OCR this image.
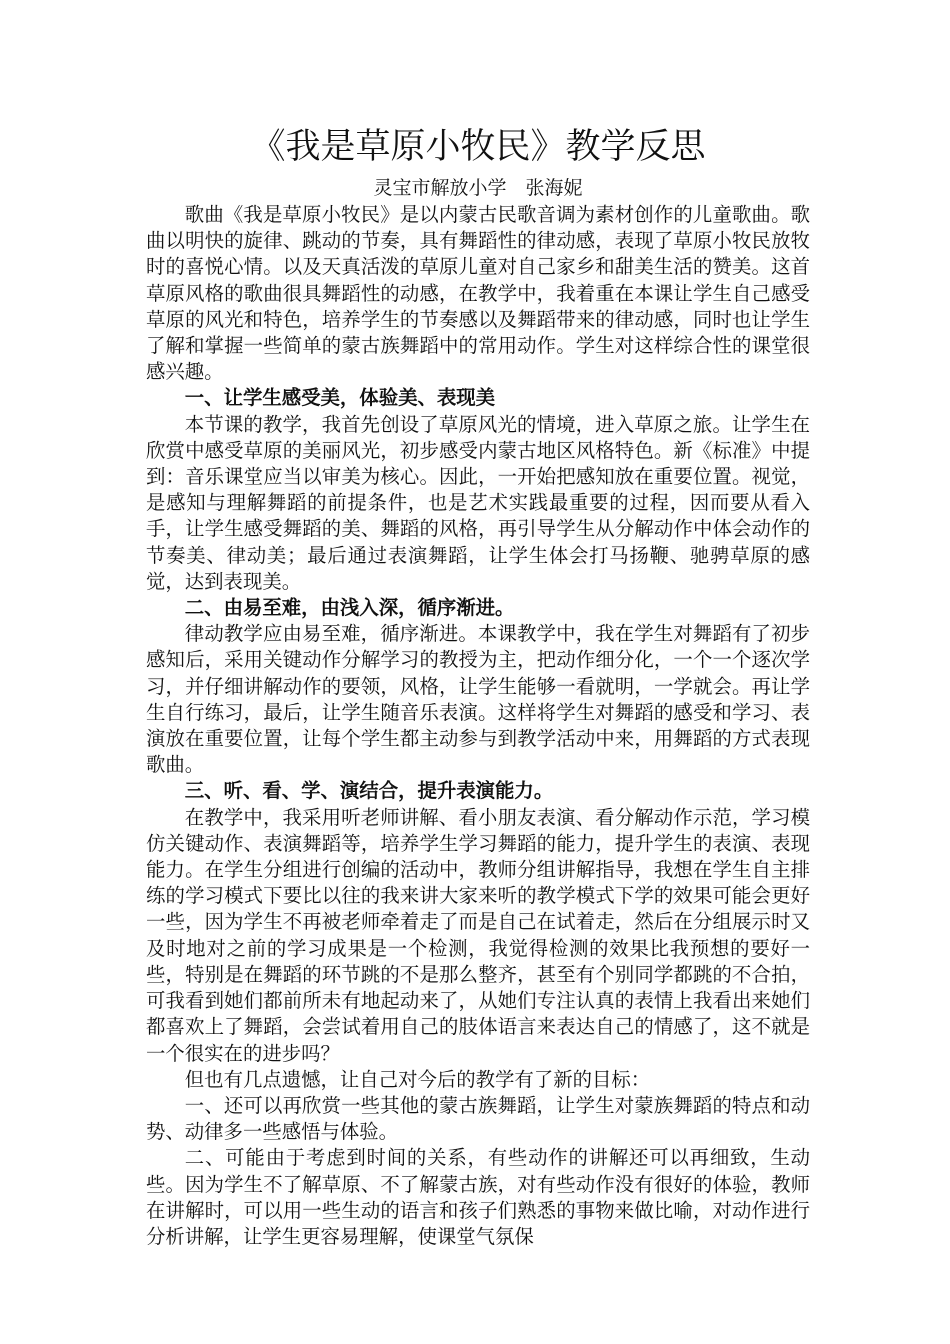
《我是草原小牧民》教学反思

灵宝市解放小学　张海妮

歌曲《我是草原小牧民》是以内蒙古民歌音调为素材创作的儿童歌曲。歌曲以明快的旋律、跳动的节奏，具有舞蹈性的律动感，表现了草原小牧民放牧时的喜悦心情。以及天真活泼的草原儿童对自己家乡和甜美生活的赞美。这首草原风格的歌曲很具舞蹈性的动感，在教学中，我着重在本课让学生自己感受草原的风光和特色，培养学生的节奏感以及舞蹈带来的律动感，同时也让学生了解和掌握一些简单的蒙古族舞蹈中的常用动作。学生对这样综合性的课堂很感兴趣。

一、让学生感受美，体验美、表现美

本节课的教学，我首先创设了草原风光的情境，进入草原之旅。让学生在欣赏中感受草原的美丽风光，初步感受内蒙古地区风格特色。新《标准》中提到：音乐课堂应当以审美为核心。因此，一开始把感知放在重要位置。视觉，是感知与理解舞蹈的前提条件，也是艺术实践最重要的过程，因而要从看入手，让学生感受舞蹈的美、舞蹈的风格，再引导学生从分解动作中体会动作的节奏美、律动美；最后通过表演舞蹈，让学生体会打马扬鞭、驰骋草原的感觉，达到表现美。

二、由易至难，由浅入深，循序渐进。

律动教学应由易至难，循序渐进。本课教学中，我在学生对舞蹈有了初步感知后，采用关键动作分解学习的教授为主，把动作细分化，一个一个逐次学习，并仔细讲解动作的要领，风格，让学生能够一看就明，一学就会。再让学生自行练习，最后，让学生随音乐表演。这样将学生对舞蹈的感受和学习、表演放在重要位置，让每个学生都主动参与到教学活动中来，用舞蹈的方式表现歌曲。

三、听、看、学、演结合，提升表演能力。

在教学中，我采用听老师讲解、看小朋友表演、看分解动作示范，学习模仿关键动作、表演舞蹈等，培养学生学习舞蹈的能力，提升学生的表演、表现能力。在学生分组进行创编的活动中，教师分组讲解指导，我想在学生自主排练的学习模式下要比以往的我来讲大家来听的教学模式下学的效果可能会更好一些，因为学生不再被老师牵着走了而是自己在试着走，然后在分组展示时又及时地对之前的学习成果是一个检测，我觉得检测的效果比我预想的要好一些，特别是在舞蹈的环节跳的不是那么整齐，甚至有个别同学都跳的不合拍，可我看到她们都前所未有地起动来了，从她们专注认真的表情上我看出来她们都喜欢上了舞蹈，会尝试着用自己的肢体语言来表达自己的情感了，这不就是一个很实在的进步吗？

但也有几点遗憾，让自己对今后的教学有了新的目标：

一、还可以再欣赏一些其他的蒙古族舞蹈，让学生对蒙族舞蹈的特点和动势、动律多一些感悟与体验。

二、可能由于考虑到时间的关系，有些动作的讲解还可以再细致，生动些。因为学生不了解草原、不了解蒙古族，对有些动作没有很好的体验，教师在讲解时，可以用一些生动的语言和孩子们熟悉的事物来做比喻，对动作进行分析讲解，让学生更容易理解，使课堂气氛保
